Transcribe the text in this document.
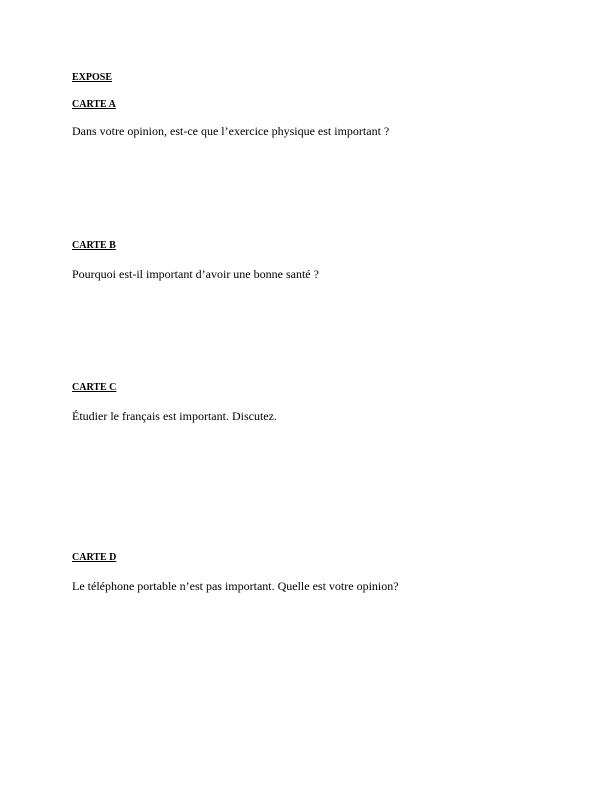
EXPOSE
CARTE A
Dans votre opinion, est-ce que l’exercice physique est important ?
CARTE B
Pourquoi est-il important d’avoir une bonne santé ?
CARTE C
Étudier le français est important. Discutez.
CARTE D
Le téléphone portable n’est pas important. Quelle est votre opinion?
